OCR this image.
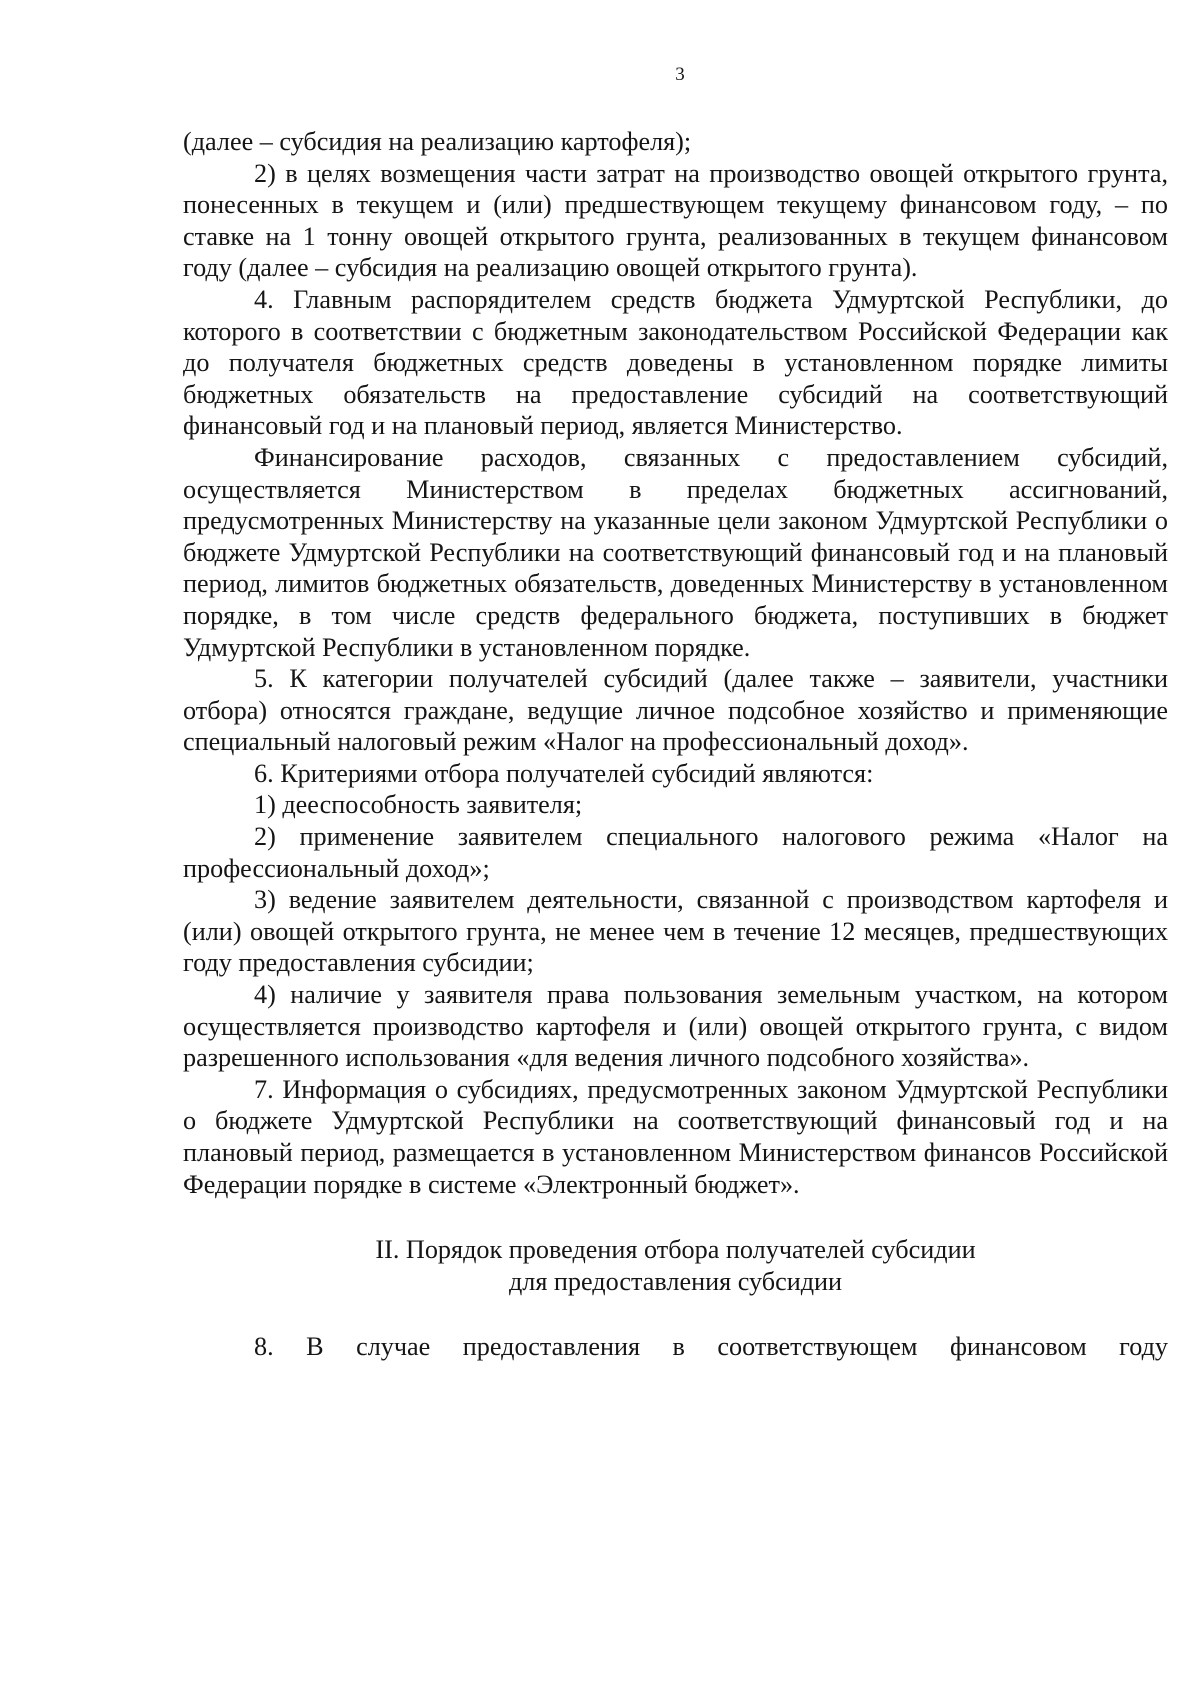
3

(далее – субсидия на реализацию картофеля);

2) в целях возмещения части затрат на производство овощей открытого грунта, понесенных в текущем и (или) предшествующем текущему финансовом году, – по ставке на 1 тонну овощей открытого грунта, реализованных в текущем финансовом году (далее – субсидия на реализацию овощей открытого грунта).

4. Главным распорядителем средств бюджета Удмуртской Республики, до которого в соответствии с бюджетным законодательством Российской Федерации как до получателя бюджетных средств доведены в установленном порядке лимиты бюджетных обязательств на предоставление субсидий на соответствующий финансовый год и на плановый период, является Министерство.

Финансирование расходов, связанных с предоставлением субсидий, осуществляется Министерством в пределах бюджетных ассигнований, предусмотренных Министерству на указанные цели законом Удмуртской Республики о бюджете Удмуртской Республики на соответствующий финансовый год и на плановый период, лимитов бюджетных обязательств, доведенных Министерству в установленном порядке, в том числе средств федерального бюджета, поступивших в бюджет Удмуртской Республики в установленном порядке.

5. К категории получателей субсидий (далее также – заявители, участники отбора) относятся граждане, ведущие личное подсобное хозяйство и применяющие специальный налоговый режим «Налог на профессиональный доход».

6. Критериями отбора получателей субсидий являются:

1) дееспособность заявителя;

2) применение заявителем специального налогового режима «Налог на профессиональный доход»;

3) ведение заявителем деятельности, связанной с производством картофеля и (или) овощей открытого грунта, не менее чем в течение 12 месяцев, предшествующих году предоставления субсидии;

4) наличие у заявителя права пользования земельным участком, на котором осуществляется производство картофеля и (или) овощей открытого грунта, с видом разрешенного использования «для ведения личного подсобного хозяйства».

7. Информация о субсидиях, предусмотренных законом Удмуртской Республики о бюджете Удмуртской Республики на соответствующий финансовый год и на плановый период, размещается в установленном Министерством финансов Российской Федерации порядке в системе «Электронный бюджет».

II. Порядок проведения отбора получателей субсидии
для предоставления субсидии

8. В случае предоставления в соответствующем финансовом году
